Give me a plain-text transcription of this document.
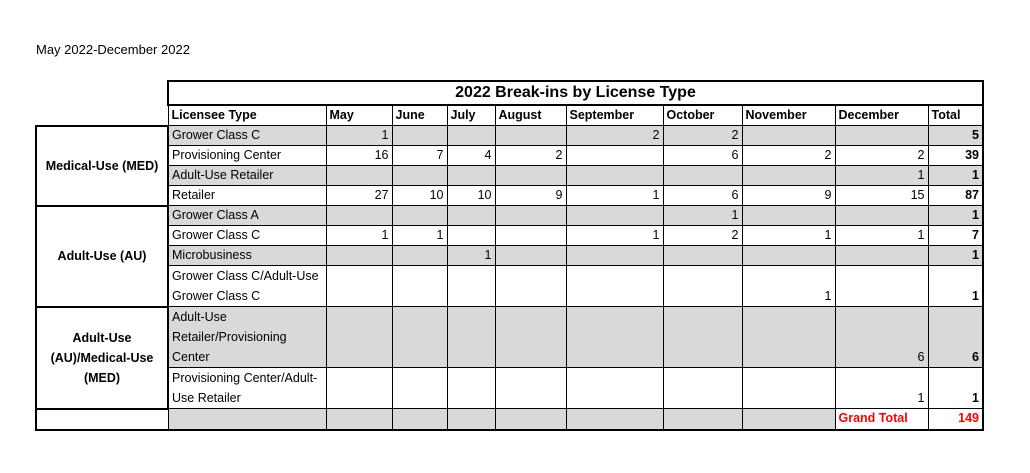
May 2022-December 2022
	2022 Break-ins by License Type									
	Licensee Type	May	June	July	August	September	October	November	December	Total
Medical-Use (MED)	Grower Class C	1				2	2			5
	Provisioning Center	16	7	4	2		6	2	2	39
	Adult-Use Retailer								1	1
	Retailer	27	10	10	9	1	6	9	15	87
Adult-Use (AU)	Grower Class A						1			1
	Grower Class C	1	1			1	2	1	1	7
	Microbusiness			1						1
	Grower Class C/Adult-Use Grower Class C							1		1
Adult-Use (AU)/Medical-Use (MED)	Adult-Use Retailer/Provisioning Center								6	6
	Provisioning Center/Adult-Use Retailer								1	1
									Grand Total	149
